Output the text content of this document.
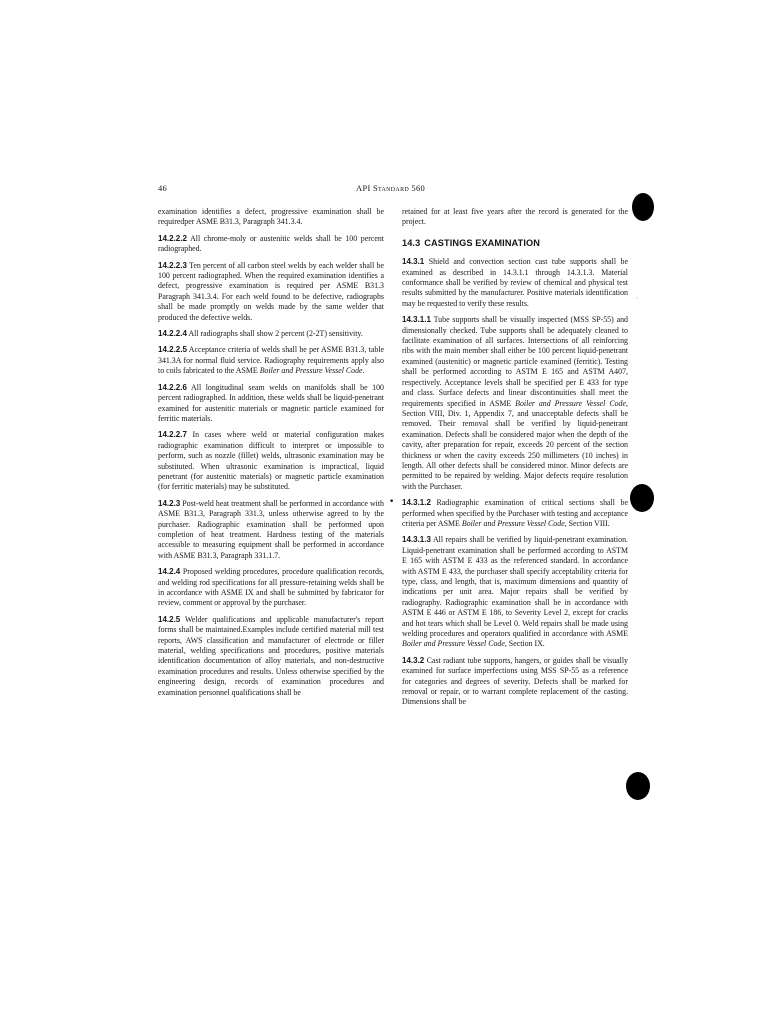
46	API Standard 560

examination identifies a defect, progressive examination shall be requiredper ASME B31.3, Paragraph 341.3.4.

14.2.2.2 All chrome-moly or austenitic welds shall be 100 percent radiographed.

14.2.2.3 Ten percent of all carbon steel welds by each welder shall be 100 percent radiographed. When the required examination identifies a defect, progressive examination is required per ASME B31.3 Paragraph 341.3.4. For each weld found to be defective, radiographs shall be made promptly on welds made by the same welder that produced the defective welds.

14.2.2.4 All radiographs shall show 2 percent (2-2T) sensitivity.

14.2.2.5 Acceptance criteria of welds shall be per ASME B31.3, table 341.3A for normal fluid service. Radiography requirements apply also to coils fabricated to the ASME Boiler and Pressure Vessel Code.

14.2.2.6 All longitudinal seam welds on manifolds shall be 100 percent radiographed. In addition, these welds shall be liquid-penetrant examined for austenitic materials or magnetic particle examined for ferritic materials.

14.2.2.7 In cases where weld or material configuration makes radiographic examination difficult to interpret or impossible to perform, such as nozzle (fillet) welds, ultrasonic examination may be substituted. When ultrasonic examination is impractical, liquid penetrant (for austenitic materials) or magnetic particle examination (for ferritic materials) may be substituted.

14.2.3 Post-weld heat treatment shall be performed in accordance with ASME B31.3, Paragraph 331.3, unless otherwise agreed to by the purchaser. Radiographic examination shall be performed upon completion of heat treatment. Hardness testing of the materials accessible to measuring equipment shall be performed in accordance with ASME B31.3, Paragraph 331.1.7.

14.2.4 Proposed welding procedures, procedure qualification records, and welding rod specifications for all pressure-retaining welds shall be in accordance with ASME IX and shall be submitted by fabricator for review, comment or approval by the purchaser.

14.2.5 Welder qualifications and applicable manufacturer's report forms shall be maintained.Examples include certified material mill test reports, AWS classification and manufacturer of electrode or filler material, welding specifications and procedures, positive materials identification documentation of alloy materials, and non-destructive examination procedures and results. Unless otherwise specified by the engineering design, records of examination procedures and examination personnel qualifications shall be

retained for at least five years after the record is generated for the project.

14.3 CASTINGS EXAMINATION

14.3.1 Shield and convection section cast tube supports shall be examined as described in 14.3.1.1 through 14.3.1.3. Material conformance shall be verified by review of chemical and physical test results submitted by the manufacturer. Positive materials identification may be requested to verify these results.

14.3.1.1 Tube supports shall be visually inspected (MSS SP-55) and dimensionally checked. Tube supports shall be adequately cleaned to facilitate examination of all surfaces. Intersections of all reinforcing ribs with the main member shall either be 100 percent liquid-penetrant examined (austenitic) or magnetic particle examined (ferritic). Testing shall be performed according to ASTM E 165 and ASTM A407, respectively. Acceptance levels shall be specified per E 433 for type and class. Surface defects and linear discontinuities shall meet the requirements specified in ASME Boiler and Pressure Vessel Code, Section VIII, Div. 1, Appendix 7, and unacceptable defects shall be removed. Their removal shall be verified by liquid-penetrant examination. Defects shall be considered major when the depth of the cavity, after preparation for repair, exceeds 20 percent of the section thickness or when the cavity exceeds 250 millimeters (10 inches) in length. All other defects shall be considered minor. Minor defects are permitted to be repaired by welding. Major defects require resolution with the Purchaser.

• 14.3.1.2 Radiographic examination of critical sections shall be performed when specified by the Purchaser with testing and acceptance criteria per ASME Boiler and Pressure Vessel Code, Section VIII.

14.3.1.3 All repairs shall be verified by liquid-penetrant examination. Liquid-penetrant examination shall be performed according to ASTM E 165 with ASTM E 433 as the referenced standard. In accordance with ASTM E 433, the purchaser shall specify acceptability criteria for type, class, and length, that is, maximum dimensions and quantity of indications per unit area. Major repairs shall be verified by radiography. Radiographic examination shall be in accordance with ASTM E 446 or ASTM E 186, to Severity Level 2, except for cracks and hot tears which shall be Level 0. Weld repairs shall be made using welding procedures and operators qualified in accordance with ASME Boiler and Pressure Vessel Code, Section IX.

14.3.2 Cast radiant tube supports, hangers, or guides shall be visually examined for surface imperfections using MSS SP-55 as a reference for categories and degrees of severity. Defects shall be marked for removal or repair, or to warrant complete replacement of the casting. Dimensions shall be

·
